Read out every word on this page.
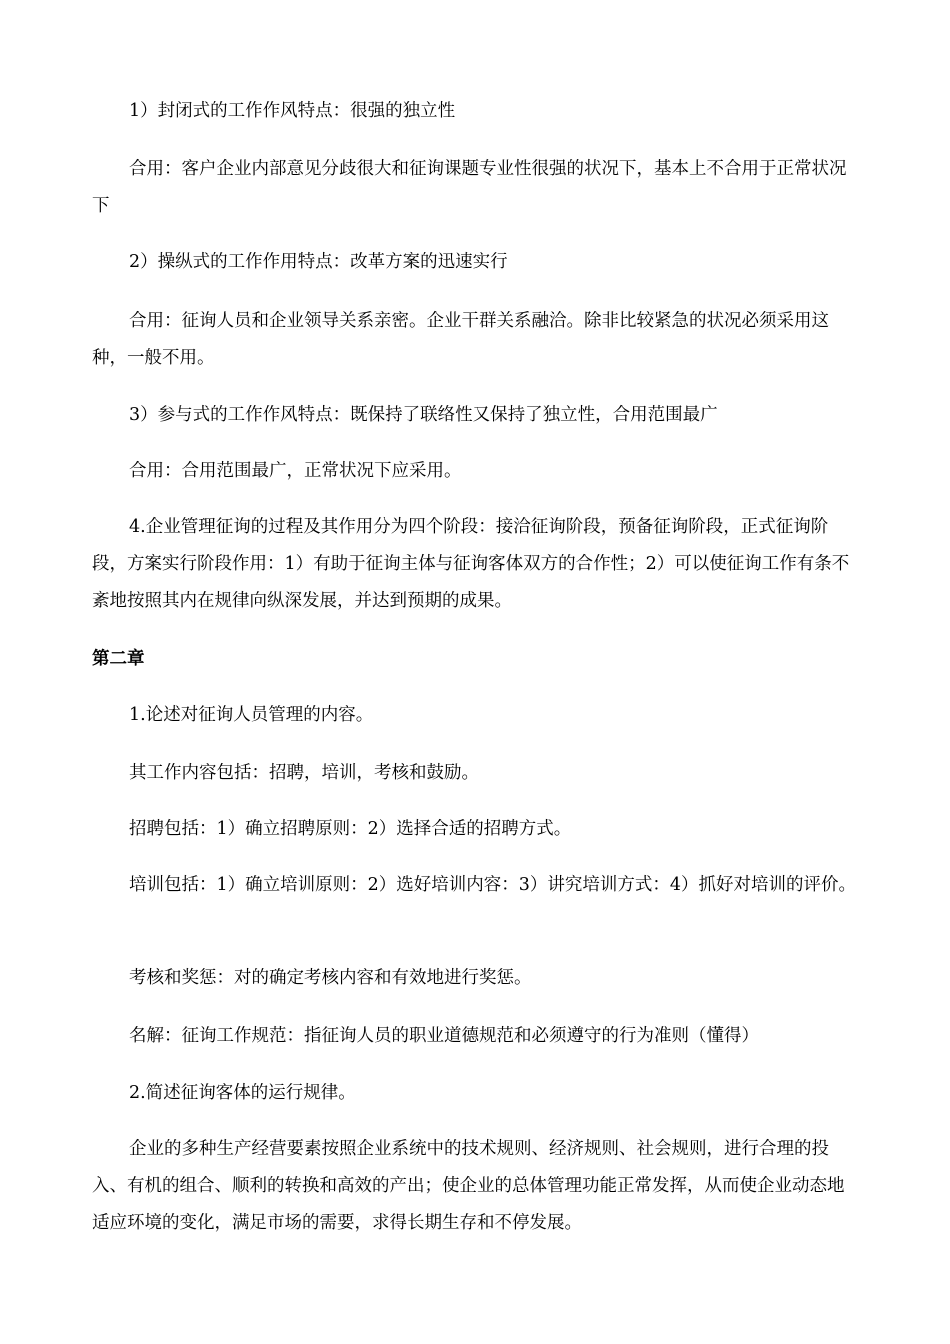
1）封闭式的工作作风特点：很强的独立性

合用：客户企业内部意见分歧很大和征询课题专业性很强的状况下，基本上不合用于正常状况下

2）操纵式的工作作用特点：改革方案的迅速实行

合用：征询人员和企业领导关系亲密。企业干群关系融洽。除非比较紧急的状况必须采用这种，一般不用。

3）参与式的工作作风特点：既保持了联络性又保持了独立性，合用范围最广

合用：合用范围最广，正常状况下应采用。

4.企业管理征询的过程及其作用分为四个阶段：接洽征询阶段，预备征询阶段，正式征询阶段，方案实行阶段作用：1）有助于征询主体与征询客体双方的合作性；2）可以使征询工作有条不紊地按照其内在规律向纵深发展，并达到预期的成果。

第二章

1.论述对征询人员管理的内容。

其工作内容包括：招聘，培训，考核和鼓励。

招聘包括：1）确立招聘原则：2）选择合适的招聘方式。

培训包括：1）确立培训原则：2）选好培训内容：3）讲究培训方式：4）抓好对培训的评价。

考核和奖惩：对的确定考核内容和有效地进行奖惩。

名解：征询工作规范：指征询人员的职业道德规范和必须遵守的行为准则（懂得）

2.简述征询客体的运行规律。

企业的多种生产经营要素按照企业系统中的技术规则、经济规则、社会规则，进行合理的投入、有机的组合、顺利的转换和高效的产出；使企业的总体管理功能正常发挥，从而使企业动态地适应环境的变化，满足市场的需要，求得长期生存和不停发展。
